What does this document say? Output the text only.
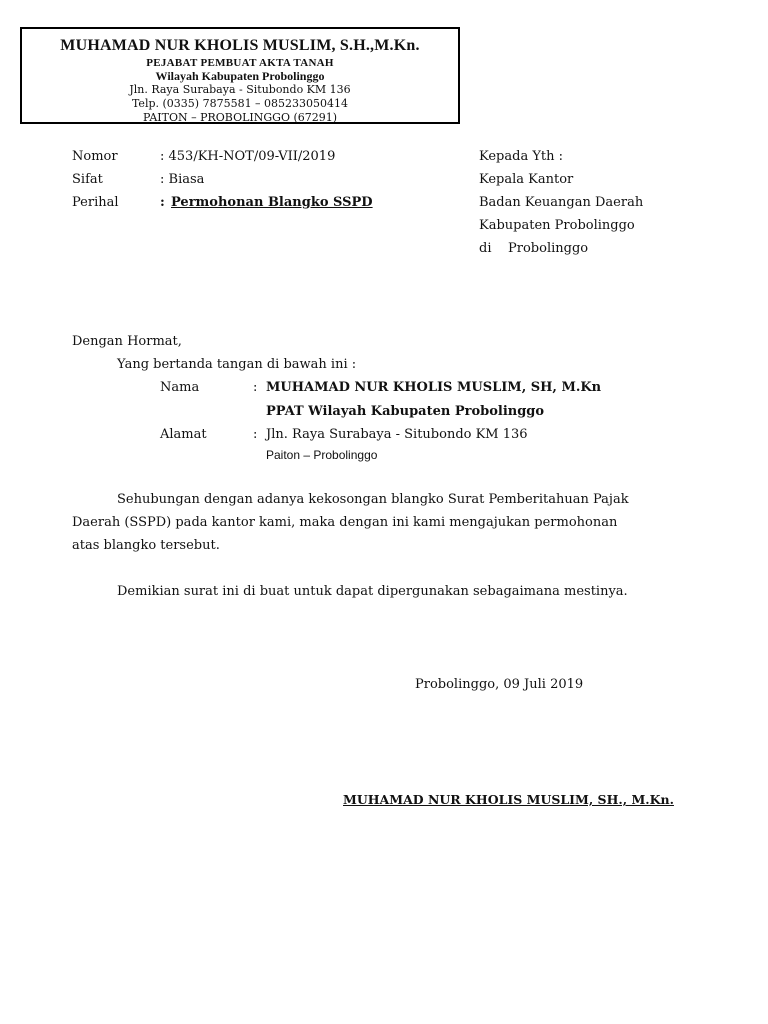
MUHAMAD NUR KHOLIS MUSLIM, S.H.,M.Kn.
PEJABAT PEMBUAT AKTA TANAH
Wilayah Kabupaten Probolinggo
Jln. Raya Surabaya - Situbondo KM 136
Telp. (0335) 7875581 – 085233050414
PAITON – PROBOLINGGO (67291)
Nomor	: 453/KH-NOT/09-VII/2019
Sifat	: Biasa
Perihal	: Permohonan Blangko SSPD
Kepada Yth :
Kepala Kantor
Badan Keuangan Daerah
Kabupaten Probolinggo
di    Probolinggo
Dengan Hormat,
Yang bertanda tangan di bawah ini :
Nama	: MUHAMAD NUR KHOLIS MUSLIM, SH, M.Kn
PPAT Wilayah Kabupaten Probolinggo
Alamat	: Jln. Raya Surabaya - Situbondo KM 136
Paiton – Probolinggo
Sehubungan dengan adanya kekosongan blangko Surat Pemberitahuan Pajak
Daerah (SSPD) pada kantor kami, maka dengan ini kami mengajukan permohonan
atas blangko tersebut.
Demikian surat ini di buat untuk dapat dipergunakan sebagaimana mestinya.
Probolinggo, 09 Juli 2019
MUHAMAD NUR KHOLIS MUSLIM, SH., M.Kn.
